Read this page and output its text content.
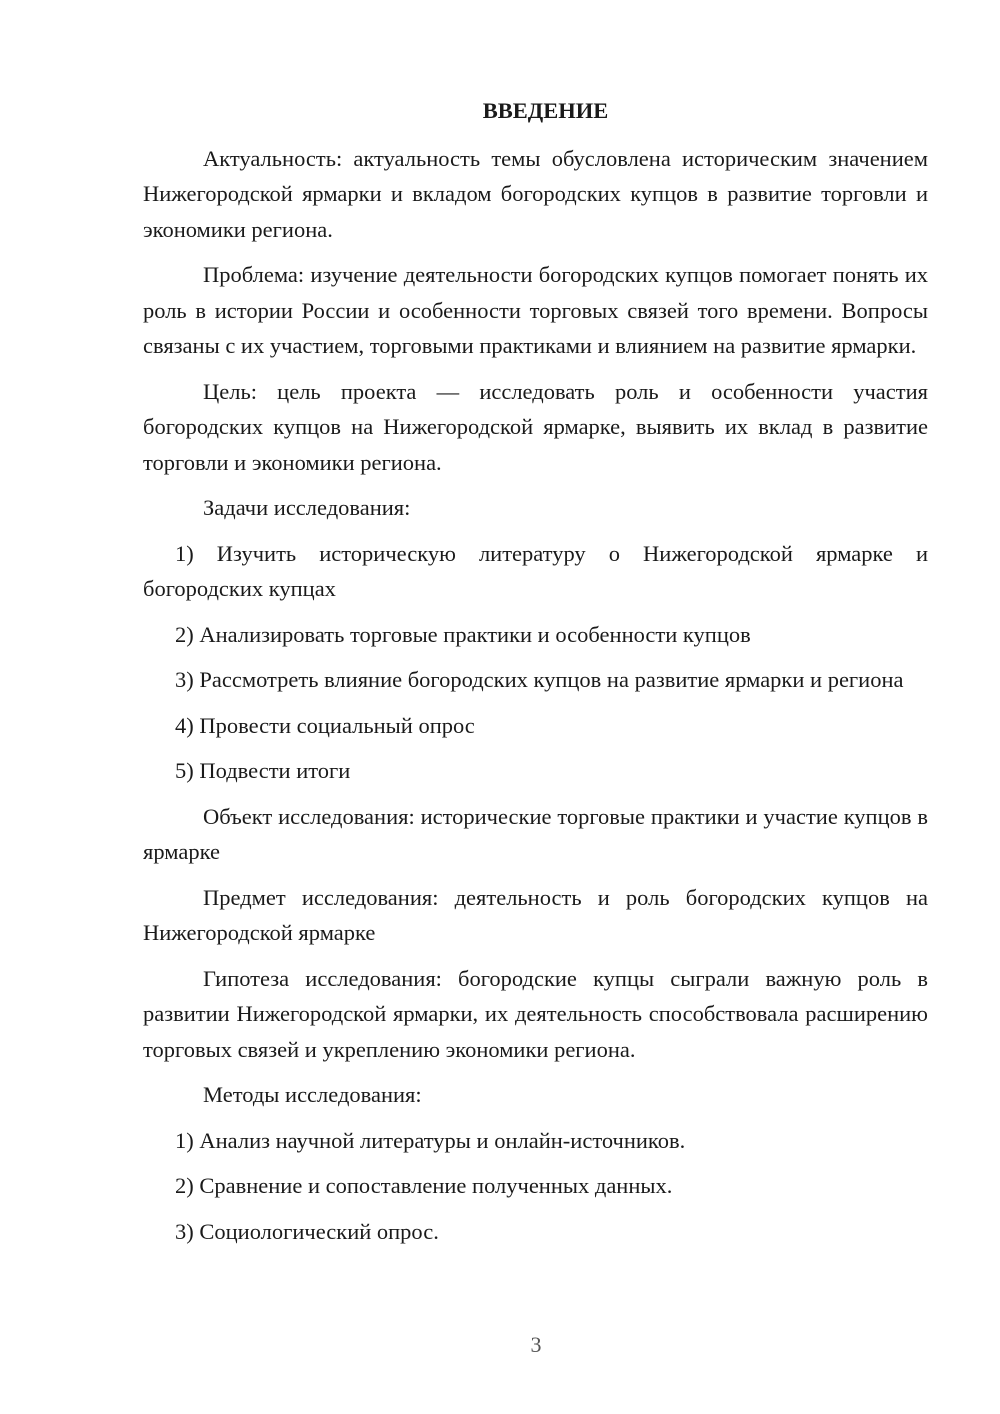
ВВЕДЕНИЕ

Актуальность: актуальность темы обусловлена историческим значением Нижегородской ярмарки и вкладом богородских купцов в развитие торговли и экономики региона.

Проблема: изучение деятельности богородских купцов помогает понять их роль в истории России и особенности торговых связей того времени. Вопросы связаны с их участием, торговыми практиками и влиянием на развитие ярмарки.

Цель: цель проекта — исследовать роль и особенности участия богородских купцов на Нижегородской ярмарке, выявить их вклад в развитие торговли и экономики региона.

Задачи исследования:

1) Изучить историческую литературу о Нижегородской ярмарке и богородских купцах

2) Анализировать торговые практики и особенности купцов

3) Рассмотреть влияние богородских купцов на развитие ярмарки и региона

4) Провести социальный опрос

5) Подвести итоги

Объект исследования: исторические торговые практики и участие купцов в ярмарке

Предмет исследования: деятельность и роль богородских купцов на Нижегородской ярмарке

Гипотеза исследования: богородские купцы сыграли важную роль в развитии Нижегородской ярмарки, их деятельность способствовала расширению торговых связей и укреплению экономики региона.

Методы исследования:

1) Анализ научной литературы и онлайн-источников.

2) Сравнение и сопоставление полученных данных.

3) Социологический опрос.

3
